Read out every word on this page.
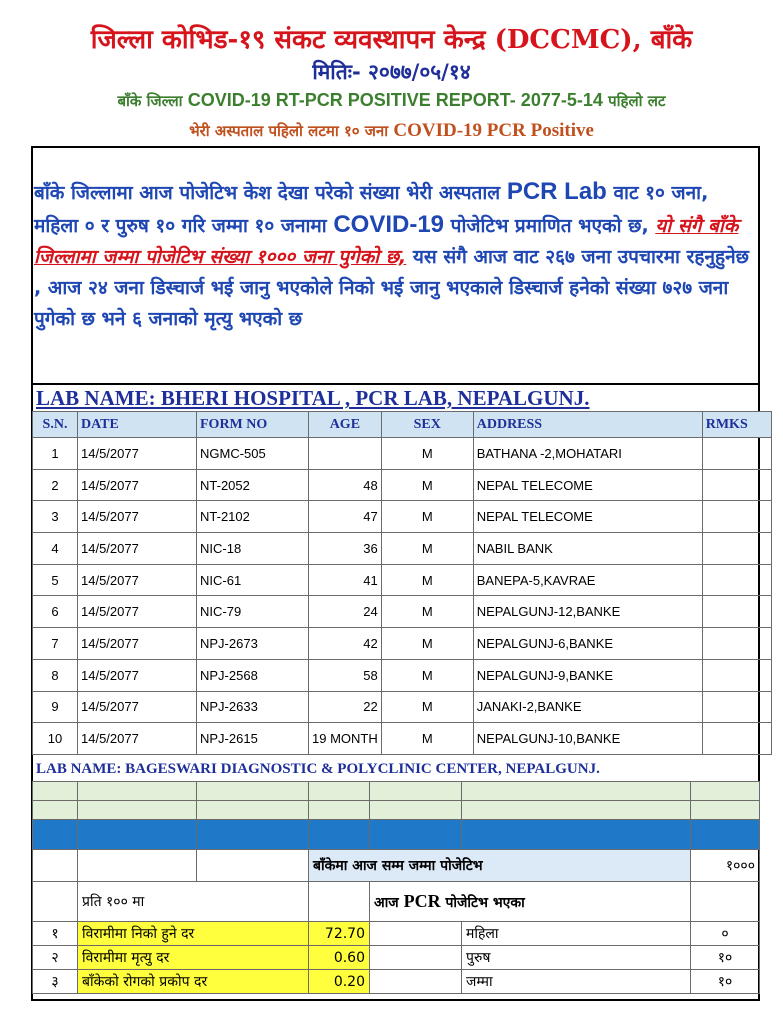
जिल्ला कोभिड-१९ संकट व्यवस्थापन केन्द्र (DCCMC), बाँके
मितिः- २०७७/०५/१४
बाँके जिल्ला COVID-19 RT-PCR POSITIVE REPORT- 2077-5-14 पहिलो लट
भेरी अस्पताल पहिलो लटमा १० जना COVID-19 PCR Positive
बाँके जिल्लामा आज पोजेटिभ केश देखा परेको संख्या भेरी अस्पताल PCR Lab वाट १० जना, महिला ० र पुरुष १० गरि जम्मा १० जनामा COVID-19 पोजेटिभ प्रमाणित भएको छ, यो संगै बाँके जिल्लामा जम्मा पोजेटिभ संख्या १००० जना पुगेको छ, यस संगै आज वाट २६७ जना उपचारमा रहनुहुनेछ , आज २४ जना डिस्चार्ज भई जानु भएकोले निको भई जानु भएकाले डिस्चार्ज हनेको संख्या ७२७ जना पुगेको छ भने ६ जनाको मृत्यु भएको छ
LAB NAME: BHERI HOSPITAL , PCR LAB, NEPALGUNJ.
S.N.	DATE	FORM NO	AGE	SEX	ADDRESS	RMKS
1	14/5/2077	NGMC-505		M	BATHANA -2,MOHATARI	
2	14/5/2077	NT-2052	48	M	NEPAL TELECOME	
3	14/5/2077	NT-2102	47	M	NEPAL TELECOME	
4	14/5/2077	NIC-18	36	M	NABIL BANK	
5	14/5/2077	NIC-61	41	M	BANEPA-5,KAVRAE	
6	14/5/2077	NIC-79	24	M	NEPALGUNJ-12,BANKE	
7	14/5/2077	NPJ-2673	42	M	NEPALGUNJ-6,BANKE	
8	14/5/2077	NPJ-2568	58	M	NEPALGUNJ-9,BANKE	
9	14/5/2077	NPJ-2633	22	M	JANAKI-2,BANKE	
10	14/5/2077	NPJ-2615	19 MONTH	M	NEPALGUNJ-10,BANKE	
LAB NAME: BAGESWARI DIAGNOSTIC & POLYCLINIC CENTER, NEPALGUNJ.

			बाँकेमा आज सम्म जम्मा पोजेटिभ			१०००
	प्रति १०० मा			आज PCR पोजेटिभ भएका		
१	विरामीमा निको हुने दर		72.70		महिला	०
२	विरामीमा मृत्यु दर		0.60		पुरुष	१०
३	बाँकेको रोगको प्रकोप दर		0.20		जम्मा	१०
